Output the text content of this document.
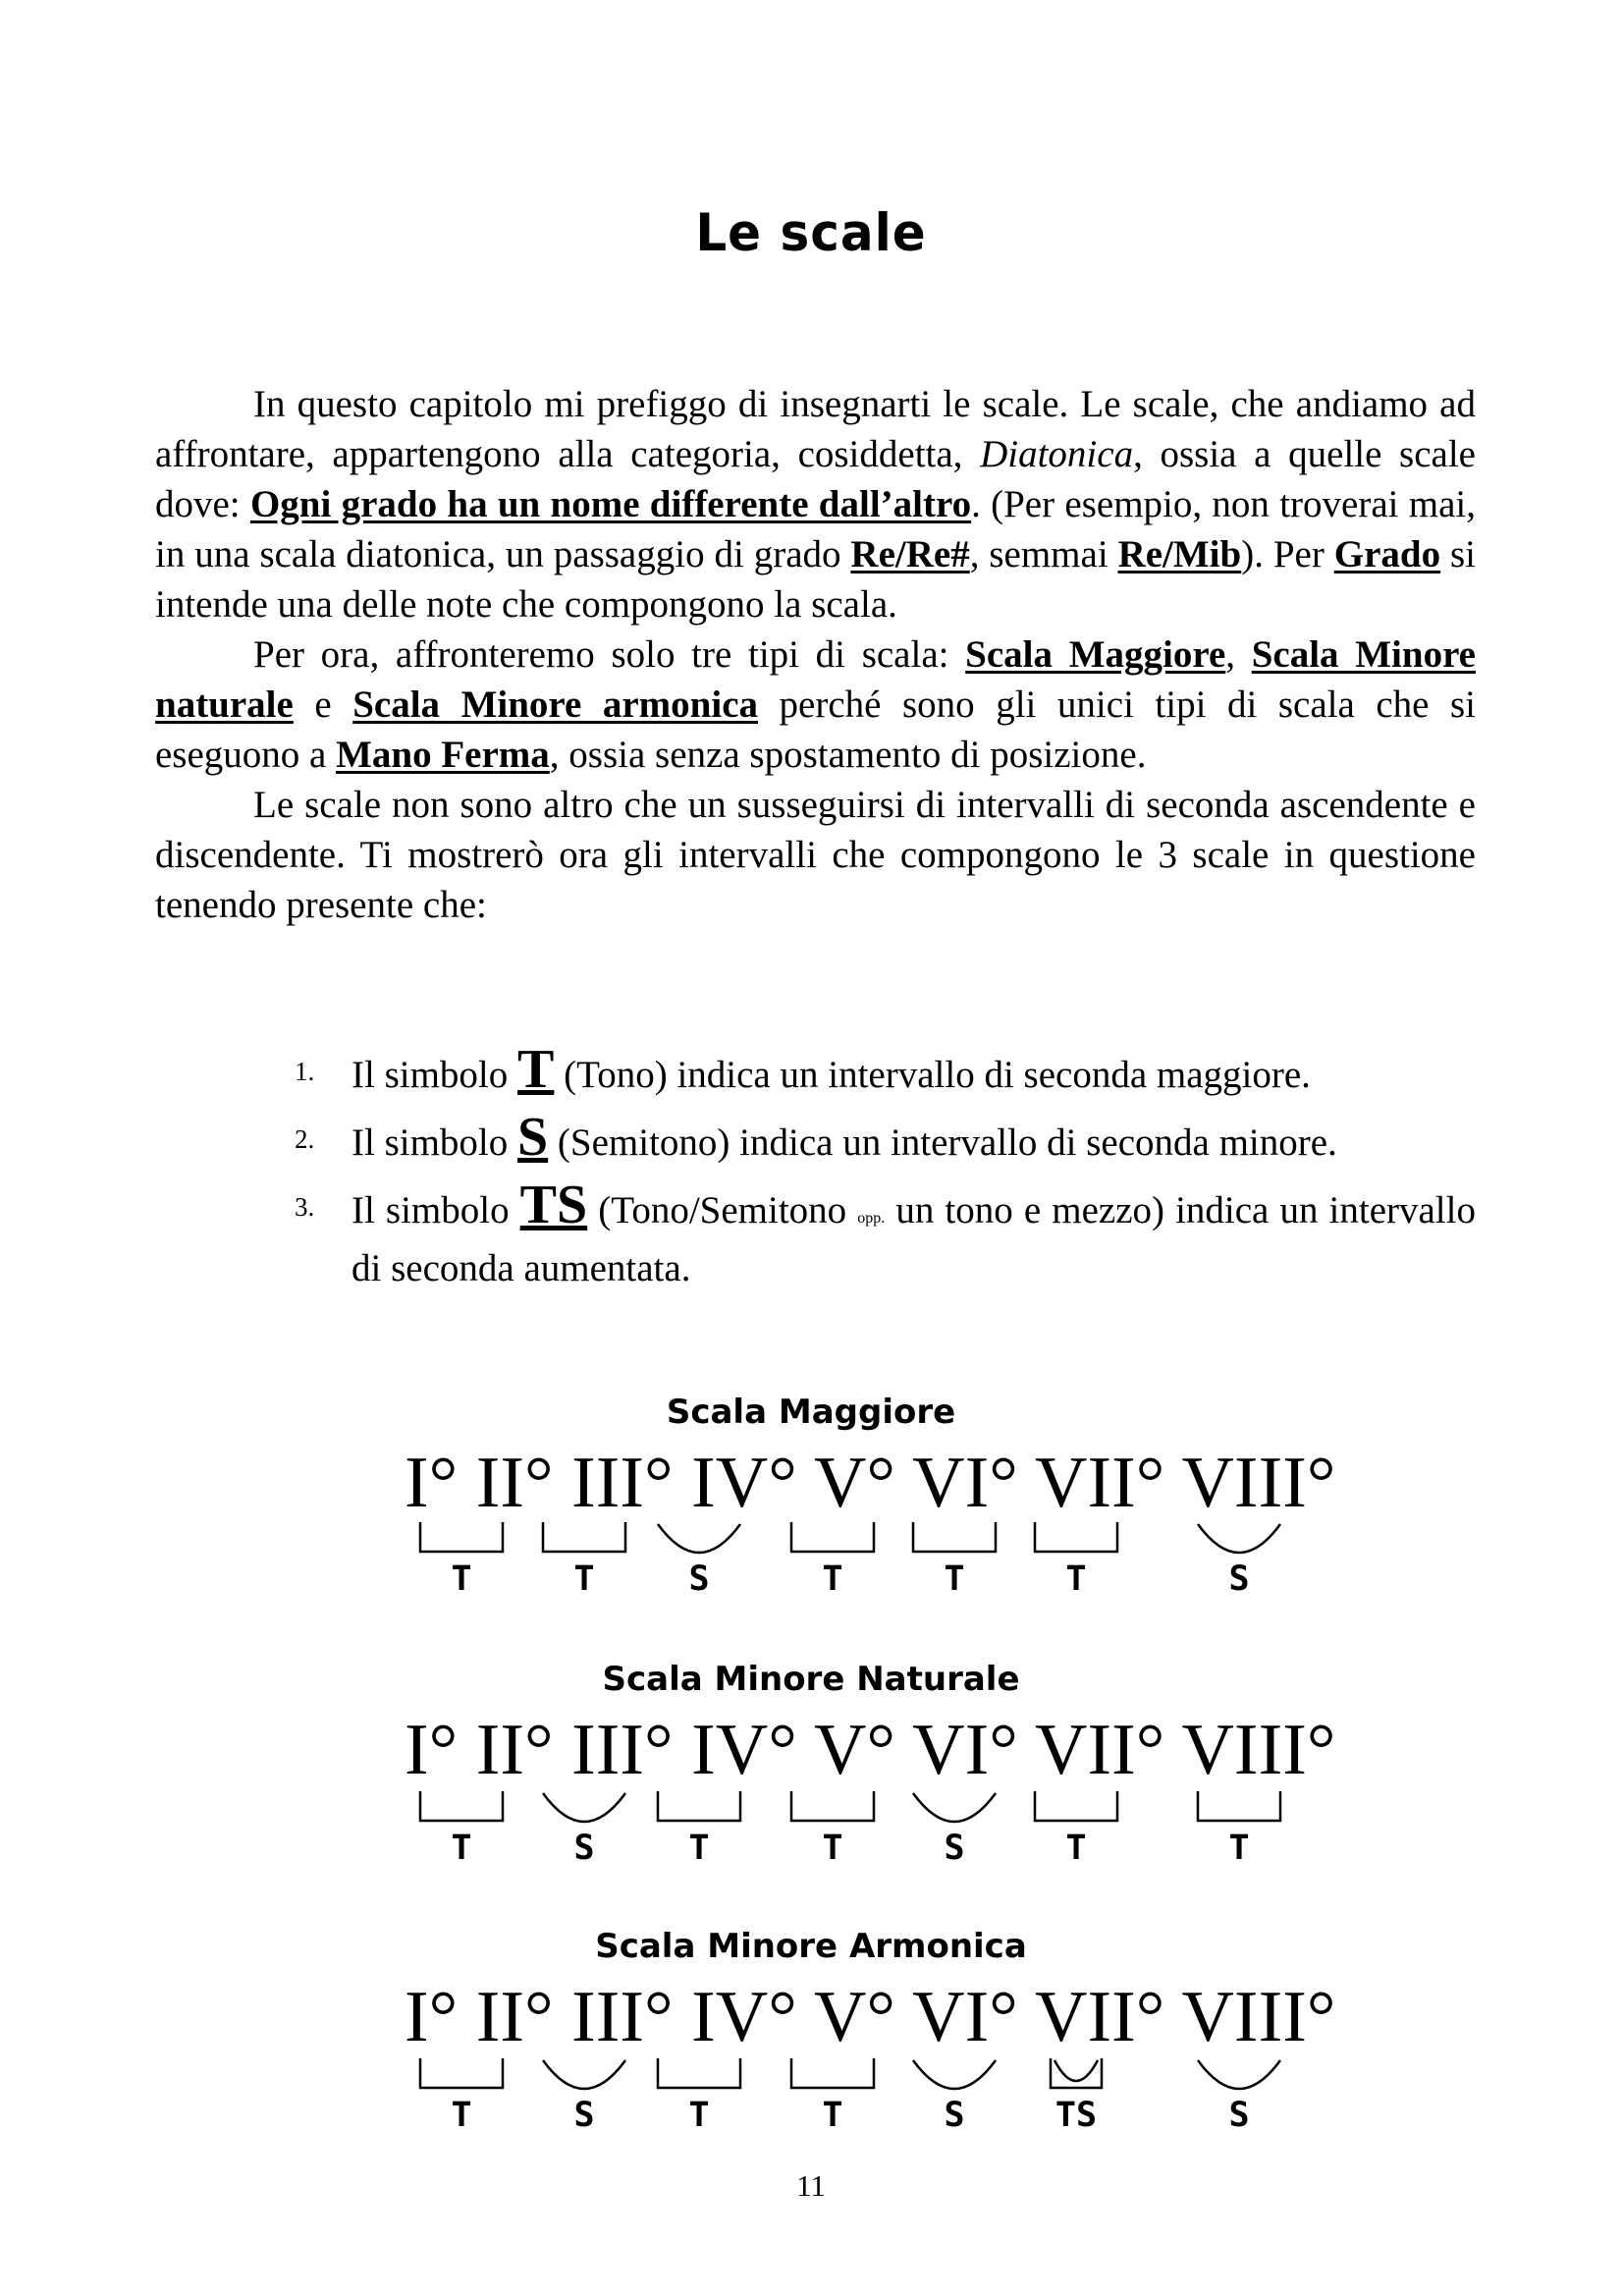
Le scale

In questo capitolo mi prefiggo di insegnarti le scale. Le scale, che andiamo ad affrontare, appartengono alla categoria, cosiddetta, Diatonica, ossia a quelle scale dove: Ogni grado ha un nome differente dall’altro. (Per esempio, non troverai mai, in una scala diatonica, un passaggio di grado Re/Re#, semmai Re/Mib). Per Grado si intende una delle note che compongono la scala.

Per ora, affronteremo solo tre tipi di scala: Scala Maggiore, Scala Minore naturale e Scala Minore armonica perché sono gli unici tipi di scala che si eseguono a Mano Ferma, ossia senza spostamento di posizione.

Le scale non sono altro che un susseguirsi di intervalli di seconda ascendente e discendente. Ti mostrerò ora gli intervalli che compongono le 3 scale in questione tenendo presente che:

1. Il simbolo T (Tono) indica un intervallo di seconda maggiore.
2. Il simbolo S (Semitono) indica un intervallo di seconda minore.
3. Il simbolo TS (Tono/Semitono opp. un tono e mezzo) indica un intervallo di seconda aumentata.
Scala Maggiore
I° II° III° IV° V° VI° VII° VIII°
T	T	S	T	T	T	S
Scala Minore Naturale
I° II° III° IV° V° VI° VII° VIII°
T	S	T	T	S	T	T
Scala Minore Armonica
I° II° III° IV° V° VI° VII° VIII°
T	S	T	T	S	TS	S
11
